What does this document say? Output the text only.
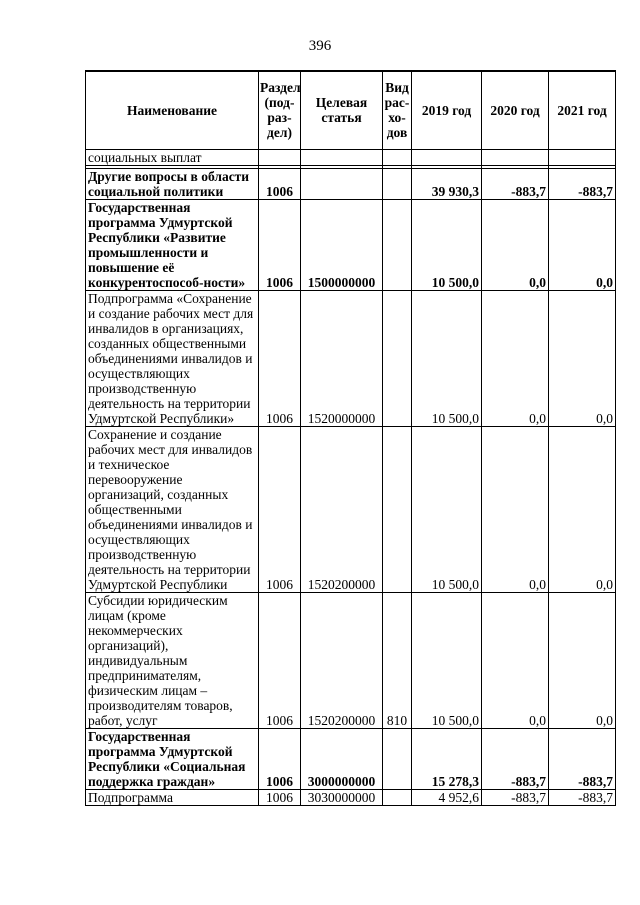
396
Наименование	Раздел (под-раз-дел)	Целевая статья	Вид рас-хо-дов	2019 год	2020 год	2021 год
социальных выплат						

Другие вопросы в области социальной политики	1006			39 930,3	-883,7	-883,7
Государственная программа Удмуртской Республики «Развитие промышленности и повышение её конкурентоспособ-ности»	1006	1500000000		10 500,0	0,0	0,0
Подпрограмма «Сохранение и создание рабочих мест для инвалидов в организациях, созданных общественными объединениями инвалидов и осуществляющих производственную деятельность на территории Удмуртской Республики»	1006	1520000000		10 500,0	0,0	0,0
Сохранение и создание рабочих мест для инвалидов и техническое перевооружение организаций, созданных общественными объединениями инвалидов и осуществляющих производственную деятельность на территории Удмуртской Республики	1006	1520200000		10 500,0	0,0	0,0
Субсидии юридическим лицам (кроме некоммерческих организаций), индивидуальным предпринимателям, физическим лицам – производителям товаров, работ, услуг	1006	1520200000	810	10 500,0	0,0	0,0
Государственная программа Удмуртской Республики «Социальная поддержка граждан»	1006	3000000000		15 278,3	-883,7	-883,7
Подпрограмма	1006	3030000000		4 952,6	-883,7	-883,7
